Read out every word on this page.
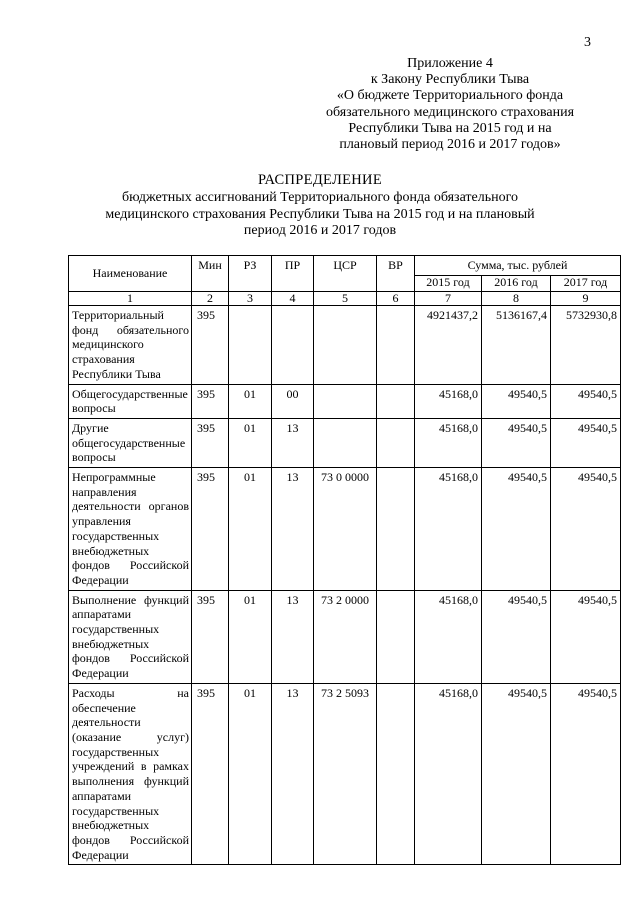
3
Приложение 4
к Закону Республики Тыва
«О бюджете Территориального фонда
обязательного медицинского страхования
Республики Тыва на 2015 год и на
плановый период 2016 и 2017 годов»
РАСПРЕДЕЛЕНИЕ
бюджетных ассигнований Территориального фонда обязательного
медицинского страхования Республики Тыва на 2015 год и на плановый
период 2016 и 2017 годов
Наименование	Мин	РЗ	ПР	ЦСР	ВР	Сумма, тыс. рублей		
						2015 год	2016 год	2017 год
1	2	3	4	5	6	7	8	9
Территориальный фонд обязательного медицинского страхования Республики Тыва	395					4921437,2	5136167,4	5732930,8
Общегосударственные вопросы	395	01	00			45168,0	49540,5	49540,5
Другие общегосударственные вопросы	395	01	13			45168,0	49540,5	49540,5
Непрограммные направления деятельности органов управления государственных внебюджетных фондов Российской Федерации	395	01	13	73 0 0000		45168,0	49540,5	49540,5
Выполнение функций аппаратами государственных внебюджетных фондов Российской Федерации	395	01	13	73 2 0000		45168,0	49540,5	49540,5
Расходы на обеспечение деятельности (оказание услуг) государственных учреждений в рамках выполнения функций аппаратами государственных внебюджетных фондов Российской Федерации	395	01	13	73 2 5093		45168,0	49540,5	49540,5
